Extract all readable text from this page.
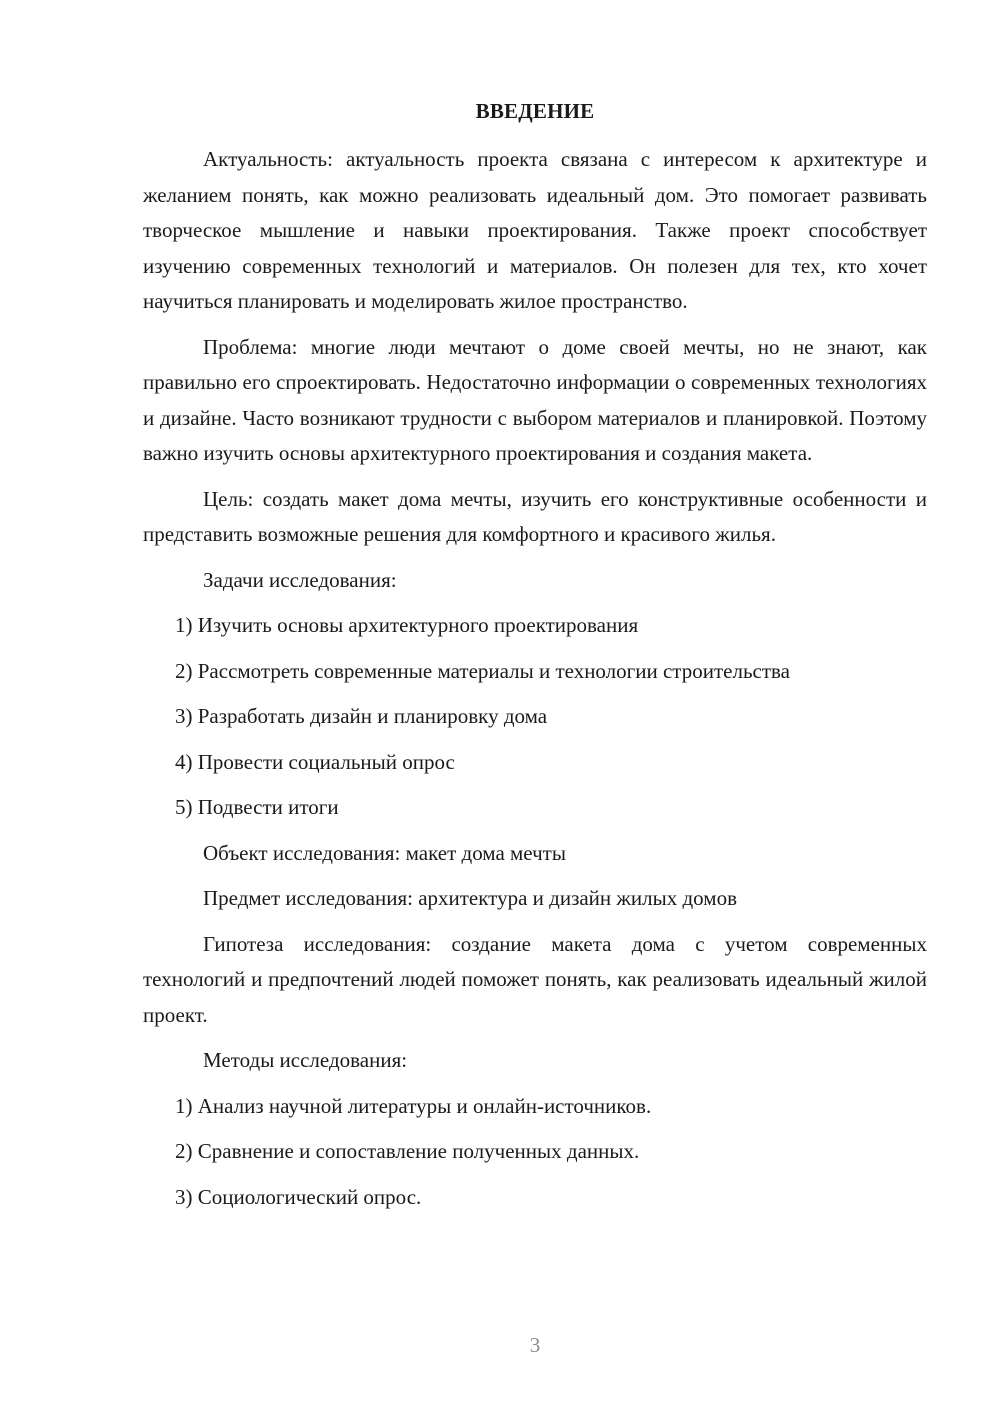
ВВЕДЕНИЕ

Актуальность: актуальность проекта связана с интересом к архитектуре и желанием понять, как можно реализовать идеальный дом. Это помогает развивать творческое мышление и навыки проектирования. Также проект способствует изучению современных технологий и материалов. Он полезен для тех, кто хочет научиться планировать и моделировать жилое пространство.

Проблема: многие люди мечтают о доме своей мечты, но не знают, как правильно его спроектировать. Недостаточно информации о современных технологиях и дизайне. Часто возникают трудности с выбором материалов и планировкой. Поэтому важно изучить основы архитектурного проектирования и создания макета.

Цель: создать макет дома мечты, изучить его конструктивные особенности и представить возможные решения для комфортного и красивого жилья.

Задачи исследования:

1) Изучить основы архитектурного проектирования

2) Рассмотреть современные материалы и технологии строительства

3) Разработать дизайн и планировку дома

4) Провести социальный опрос

5) Подвести итоги

Объект исследования: макет дома мечты

Предмет исследования: архитектура и дизайн жилых домов

Гипотеза исследования: создание макета дома с учетом современных технологий и предпочтений людей поможет понять, как реализовать идеальный жилой проект.

Методы исследования:

1) Анализ научной литературы и онлайн-источников.

2) Сравнение и сопоставление полученных данных.

3) Социологический опрос.

3
